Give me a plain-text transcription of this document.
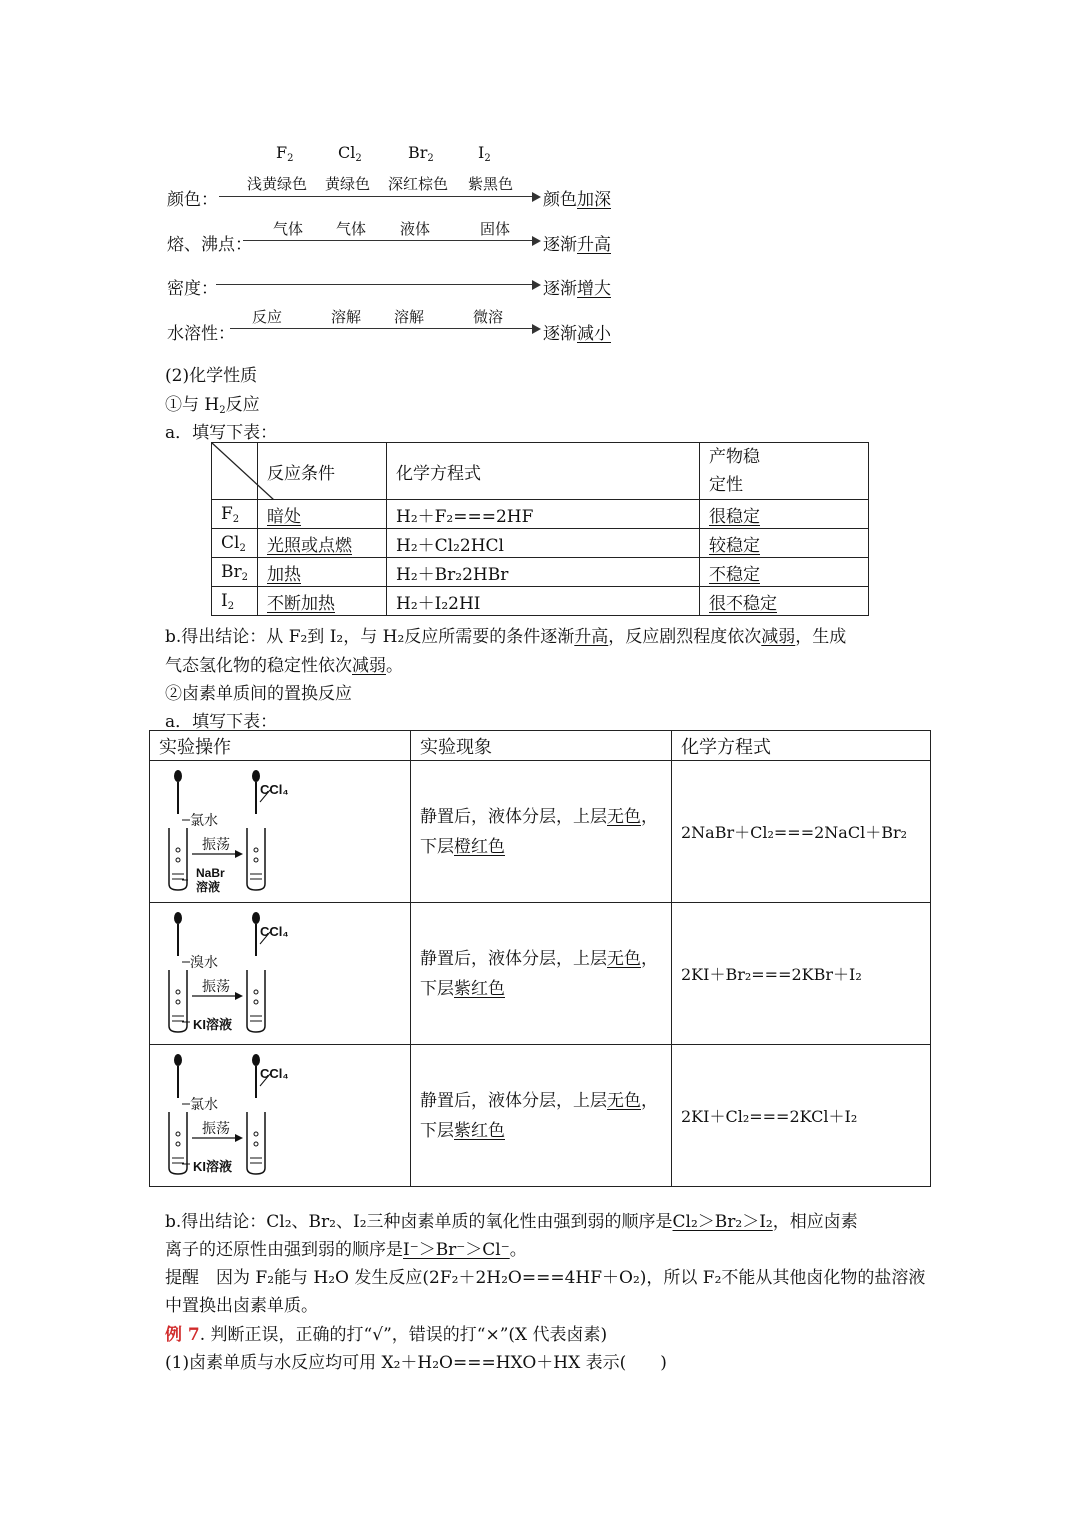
$F_2$	$Cl_2$	$Br_2$	$I_2$
颜色：
浅黄绿色 黄绿色 深红棕色 紫黑色
颜色加深
熔、沸点：
气体 气体 液体	固体
逐渐升高
密度：	逐渐增大
水溶性：
反应	溶解 溶解	微溶
逐渐减小
(2)化学性质
①与 $H_2$反应
a．填写下表：
	反应条件	化学方程式	产物稳
定性
$F_2$	暗处	H₂＋F₂===2HF	很稳定
$Cl_2$	光照或点燃	H₂＋Cl₂2HCl	较稳定
$Br_2$	加热	H₂＋Br₂2HBr	不稳定
$I_2$	不断加热	H₂＋I₂2HI	很不稳定
b.得出结论：从 F₂到 I₂，与 H₂反应所需要的条件逐渐升高，反应剧烈程度依次减弱，生成
气态氢化物的稳定性依次减弱。
②卤素单质间的置换反应
a．填写下表：
实验操作	实验现象	化学方程式

氯水
CCl₄
振荡
NaBr
溶液	静置后，液体分层，上层无色，
下层橙红色	2NaBr＋Cl₂===2NaCl＋Br₂

溴水
CCl₄
振荡
KI溶液	静置后，液体分层，上层无色，
下层紫红色	2KI＋Br₂===2KBr＋I₂

氯水
CCl₄
振荡
KI溶液	静置后，液体分层，上层无色，
下层紫红色	2KI＋Cl₂===2KCl＋I₂
b.得出结论：Cl₂、Br₂、I₂三种卤素单质的氧化性由强到弱的顺序是Cl₂＞Br₂＞I₂，相应卤素
离子的还原性由强到弱的顺序是I⁻＞Br⁻＞Cl⁻。
提醒　因为 F₂能与 H₂O 发生反应(2F₂＋2H₂O===4HF＋O₂)，所以 F₂不能从其他卤化物的盐溶液
中置换出卤素单质。
例 7. 判断正误，正确的打“√”，错误的打“×”(X 代表卤素)
(1)卤素单质与水反应均可用 X₂＋H₂O===HXO＋HX 表示(　　)
